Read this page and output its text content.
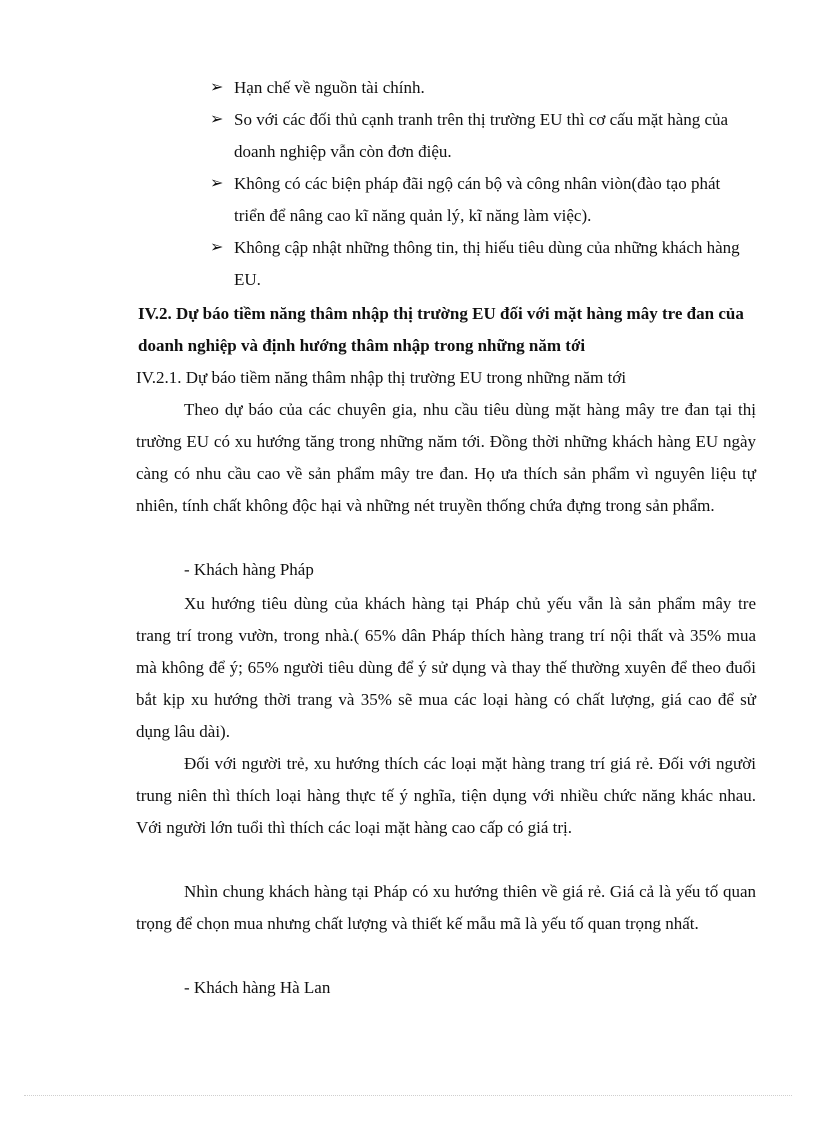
➢ Hạn chế về nguồn tài chính.

➢ So với các đối thủ cạnh tranh trên thị trường EU thì cơ cấu mặt hàng của doanh nghiệp vẫn còn đơn điệu.

➢ Không có các biện pháp đãi ngộ cán bộ và công nhân viòn(đào tạo phát triển để nâng cao kĩ năng quản lý, kĩ năng làm việc).

➢ Không cập nhật những thông tin, thị hiếu tiêu dùng của những khách hàng EU.

IV.2. Dự báo tiềm năng thâm nhập thị trường EU đối với mặt hàng mây tre đan của doanh nghiệp và định hướng thâm nhập trong những năm tới

IV.2.1. Dự báo tiềm năng thâm nhập thị trường EU trong những năm tới

Theo dự báo của các chuyên gia, nhu cầu tiêu dùng mặt hàng mây tre đan tại thị trường EU có xu hướng tăng trong những năm tới. Đồng thời những khách hàng EU ngày càng có nhu cầu cao về sản phẩm mây tre đan. Họ ưa thích sản phẩm vì nguyên liệu tự nhiên, tính chất không độc hại và những nét truyền thống chứa đựng trong sản phẩm.

- Khách hàng Pháp

Xu hướng tiêu dùng của khách hàng tại Pháp chủ yếu vẫn là sản phẩm mây tre trang trí trong vườn, trong nhà.( 65% dân Pháp thích hàng trang trí nội thất và 35% mua mà không để ý; 65% người tiêu dùng để ý sử dụng và thay thế thường xuyên để theo đuổi bắt kịp xu hướng thời trang và 35% sẽ mua các loại hàng có chất lượng, giá cao để sử dụng lâu dài).

Đối với người trẻ, xu hướng thích các loại mặt hàng trang trí giá rẻ. Đối với người trung niên thì thích loại hàng thực tế ý nghĩa, tiện dụng với nhiều chức năng khác nhau. Với người lớn tuổi thì thích các loại mặt hàng cao cấp có giá trị.

Nhìn chung khách hàng tại Pháp có xu hướng thiên về giá rẻ. Giá cả là yếu tố quan trọng để chọn mua nhưng chất lượng và thiết kế mẫu mã là yếu tố quan trọng nhất.

- Khách hàng Hà Lan
